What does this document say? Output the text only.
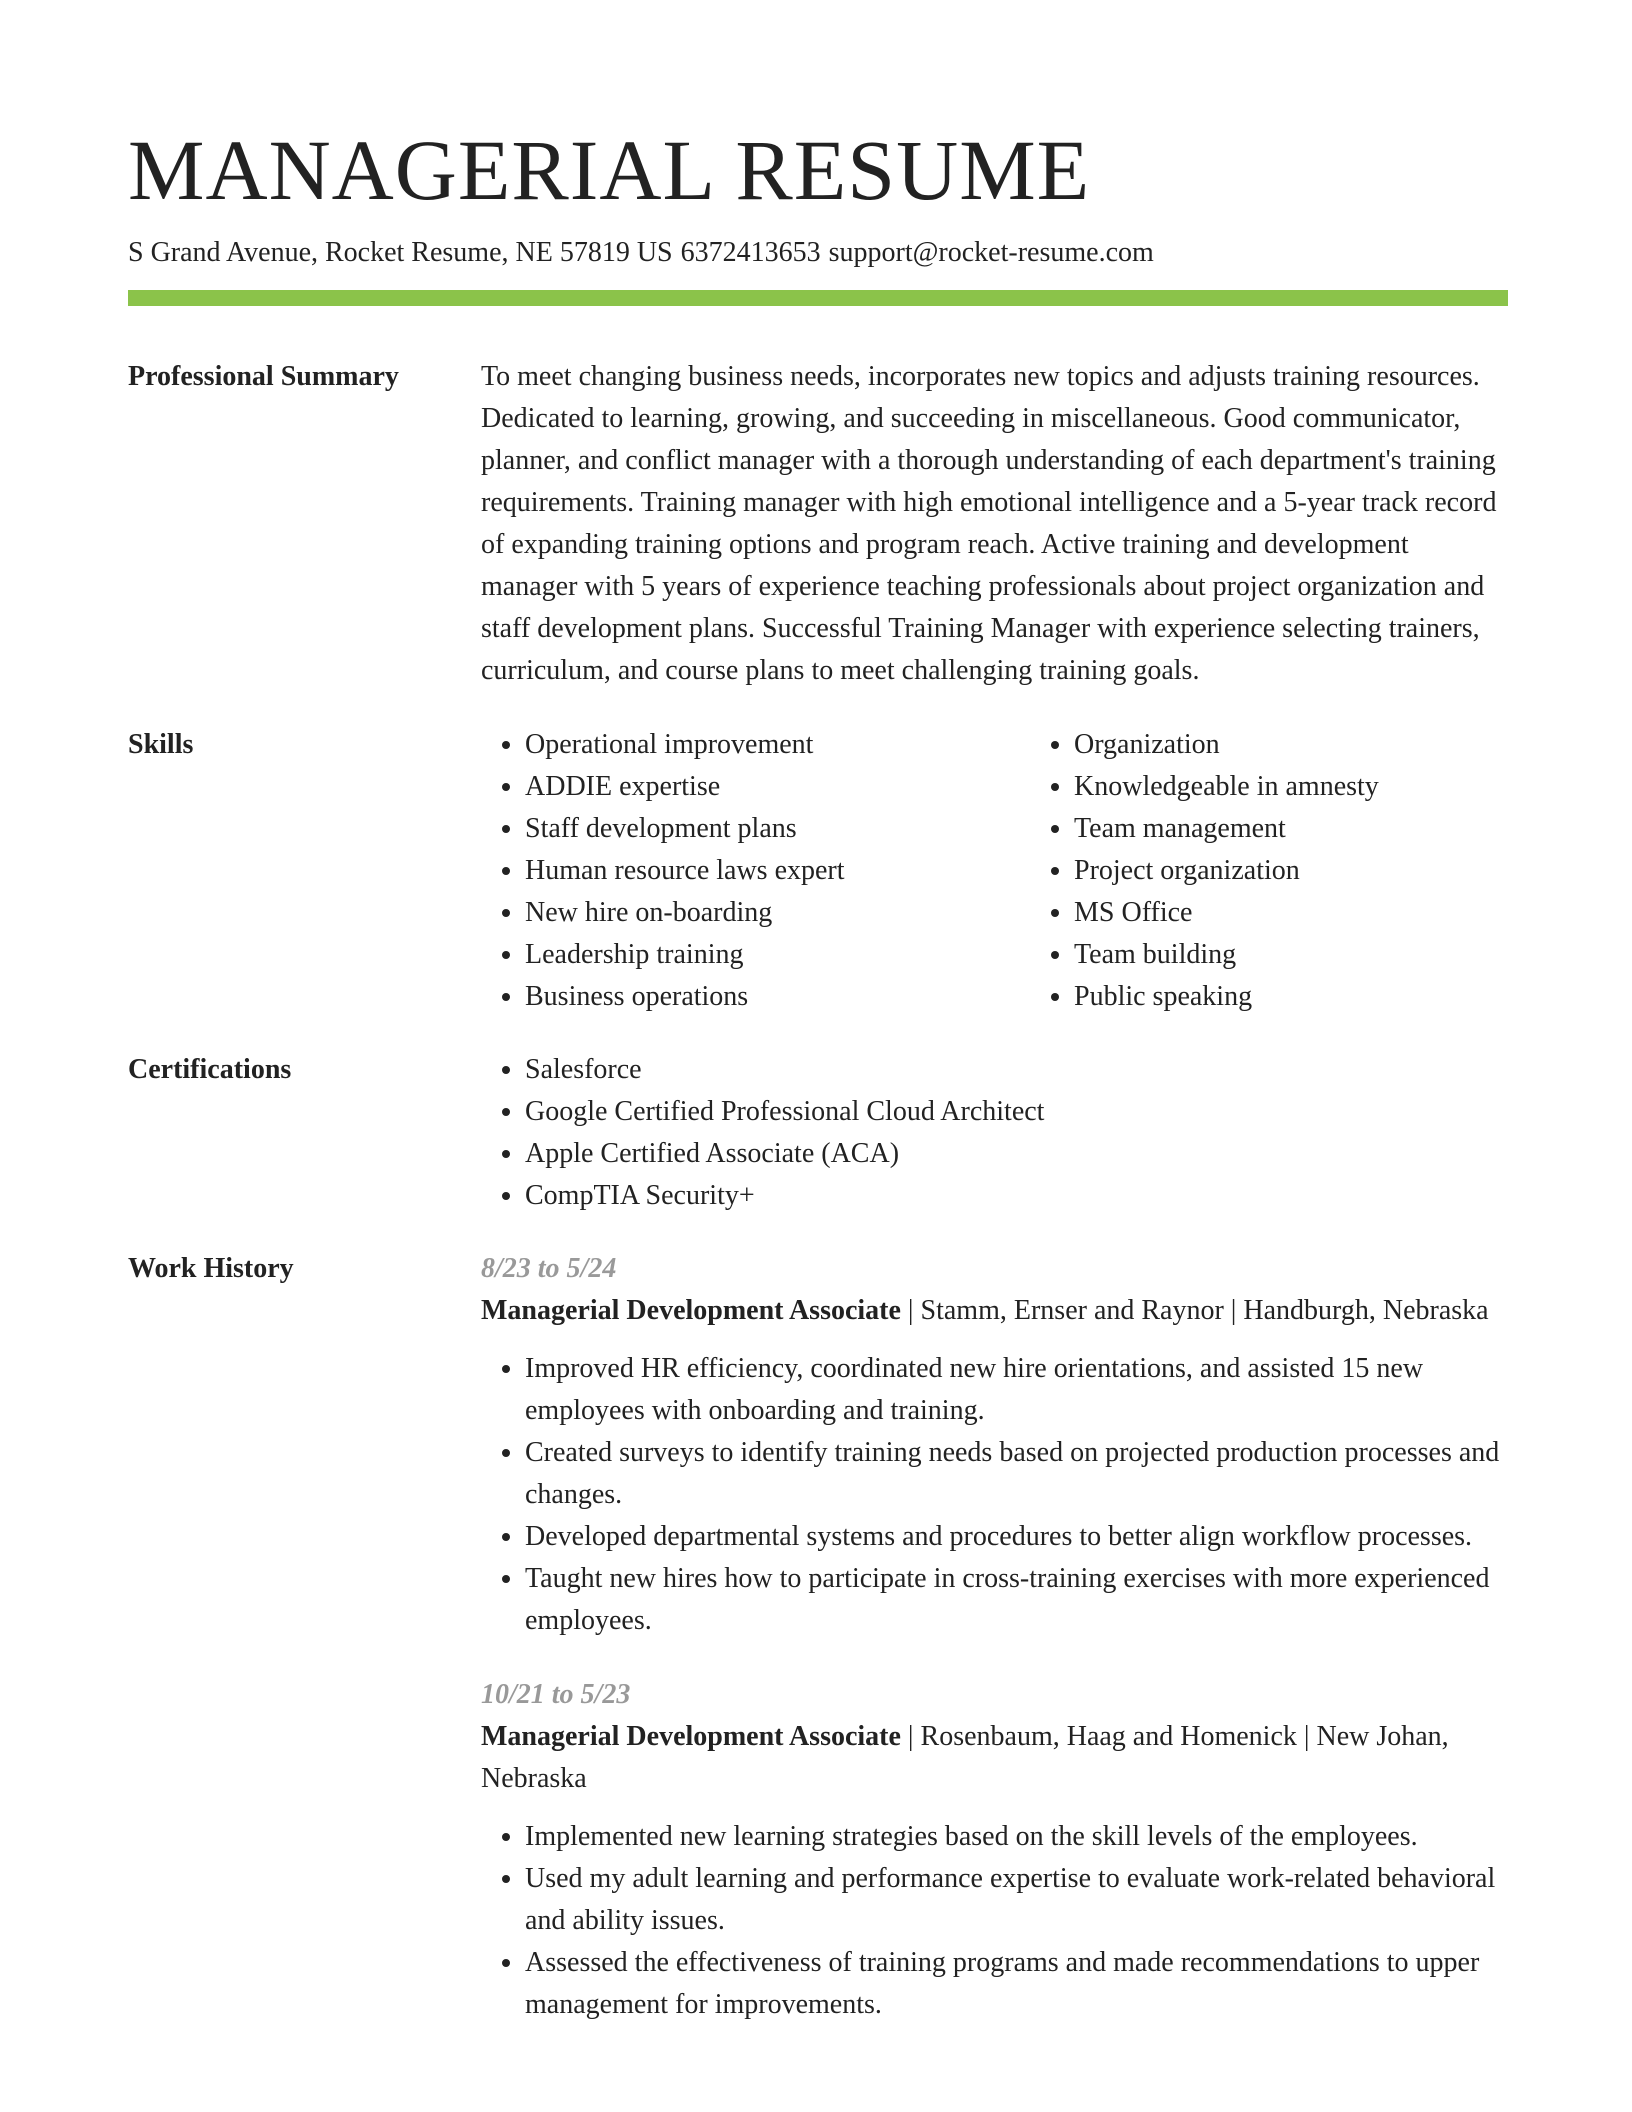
MANAGERIAL RESUME
S Grand Avenue, Rocket Resume, NE 57819 US 6372413653 support@rocket-resume.com
Professional Summary	To meet changing business needs, incorporates new topics and adjusts training resources. Dedicated to learning, growing, and succeeding in miscellaneous. Good communicator, planner, and conflict manager with a thorough understanding of each department's training requirements. Training manager with high emotional intelligence and a 5-year track record of expanding training options and program reach. Active training and development manager with 5 years of experience teaching professionals about project organization and staff development plans. Successful Training Manager with experience selecting trainers, curriculum, and course plans to meet challenging training goals.

Skills	• Operational improvement
• ADDIE expertise
• Staff development plans
• Human resource laws expert
• New hire on-boarding
• Leadership training
• Business operations
• Organization
• Knowledgeable in amnesty
• Team management
• Project organization
• MS Office
• Team building
• Public speaking
Certifications	• Salesforce
• Google Certified Professional Cloud Architect
• Apple Certified Associate (ACA)
• CompTIA Security+
Work History	8/23 to 5/24
Managerial Development Associate | Stamm, Ernser and Raynor | Handburgh, Nebraska
• Improved HR efficiency, coordinated new hire orientations, and assisted 15 new employees with onboarding and training.
• Created surveys to identify training needs based on projected production processes and changes.
• Developed departmental systems and procedures to better align workflow processes.
• Taught new hires how to participate in cross-training exercises with more experienced employees.
10/21 to 5/23
Managerial Development Associate | Rosenbaum, Haag and Homenick | New Johan, Nebraska
• Implemented new learning strategies based on the skill levels of the employees.
• Used my adult learning and performance expertise to evaluate work-related behavioral and ability issues.
• Assessed the effectiveness of training programs and made recommendations to upper management for improvements.
